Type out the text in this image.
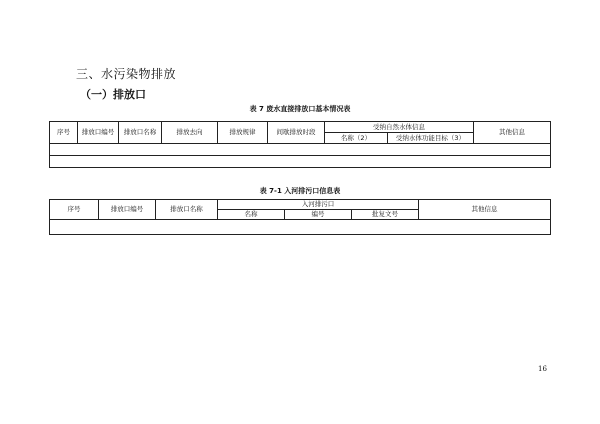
三、水污染物排放
（一）排放口
表 7 废水直接排放口基本情况表
序号	排放口编号	排放口名称	排放去向	排放规律	间歇排放时段	受纳自然水体信息		其他信息
						名称（2）	受纳水体功能目标（3）	

表 7-1 入河排污口信息表
序号	排放口编号	排放口名称	入河排污口			其他信息
			名称	编号	批复文号	

16
